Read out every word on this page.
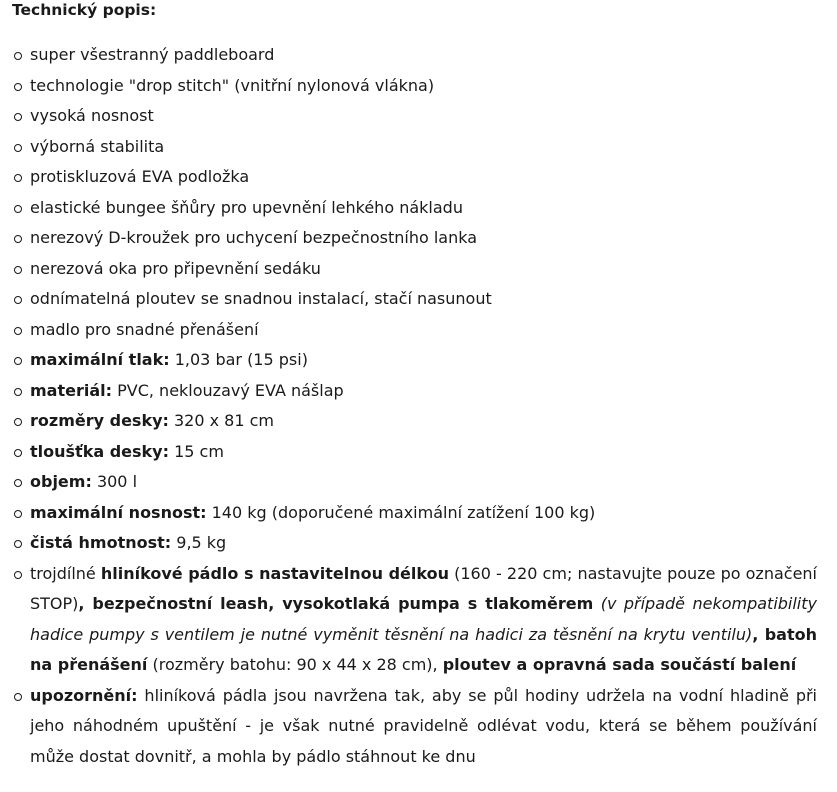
Technický popis:
super všestranný paddleboard
technologie "drop stitch" (vnitřní nylonová vlákna)
vysoká nosnost
výborná stabilita
protiskluzová EVA podložka
elastické bungee šňůry pro upevnění lehkého nákladu
nerezový D-kroužek pro uchycení bezpečnostního lanka
nerezová oka pro připevnění sedáku
odnímatelná ploutev se snadnou instalací, stačí nasunout
madlo pro snadné přenášení
maximální tlak: 1,03 bar (15 psi)
materiál: PVC, neklouzavý EVA nášlap
rozměry desky: 320 x 81 cm
tloušťka desky: 15 cm
objem: 300 l
maximální nosnost: 140 kg (doporučené maximální zatížení 100 kg)
čistá hmotnost: 9,5 kg
trojdílné hliníkové pádlo s nastavitelnou délkou (160 - 220 cm; nastavujte pouze po označení STOP), bezpečnostní leash, vysokotlaká pumpa s tlakoměrem (v případě nekompatibility hadice pumpy s ventilem je nutné vyměnit těsnění na hadici za těsnění na krytu ventilu), batoh na přenášení (rozměry batohu: 90 x 44 x 28 cm), ploutev a opravná sada součástí balení
upozornění: hliníková pádla jsou navržena tak, aby se půl hodiny udržela na vodní hladině při jeho náhodném upuštění - je však nutné pravidelně odlévat vodu, která se během používání může dostat dovnitř, a mohla by pádlo stáhnout ke dnu
